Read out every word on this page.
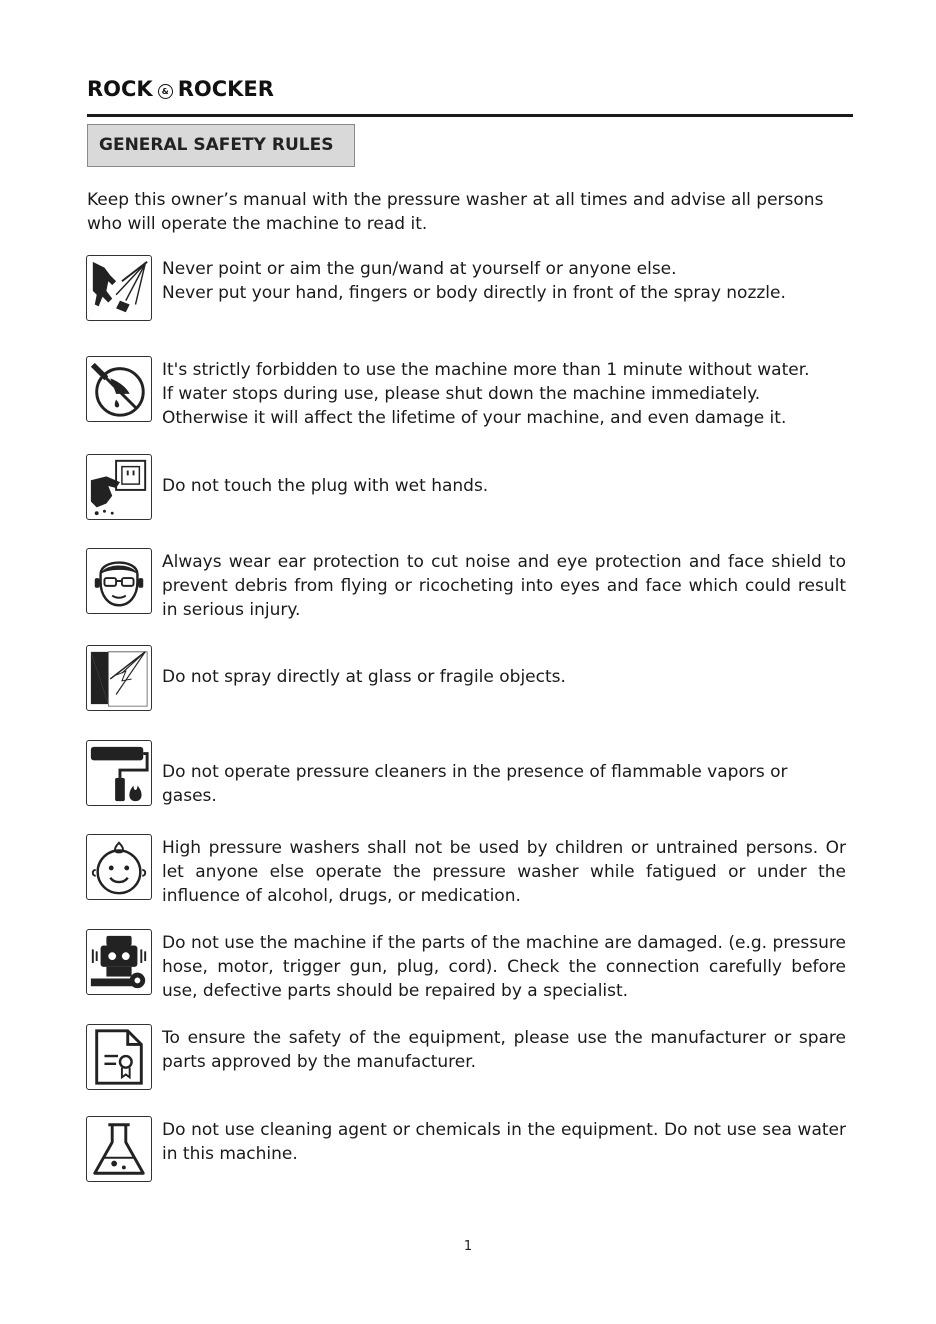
ROCK	& ROCKER
GENERAL SAFETY RULES
Keep this owner’s manual with the pressure washer at all times and advise all persons who will operate the machine to read it.

Never point or aim the gun/wand at yourself or anyone else.

Never put your hand, fingers or body directly in front of the spray nozzle.

It's strictly forbidden to use the machine more than 1 minute without water.

If water stops during use, please shut down the machine immediately.

Otherwise it will affect the lifetime of your machine, and even damage it.

Do not touch the plug with wet hands.

Always wear ear protection to cut noise and eye protection and face shield to prevent debris from flying or ricocheting into eyes and face which could result in serious injury.

Do not spray directly at glass or fragile objects.

Do not operate pressure cleaners in the presence of flammable vapors or gases.

High pressure washers shall not be used by children or untrained persons. Or let anyone else operate the pressure washer while fatigued or under the influence of alcohol, drugs, or medication.
Do not use the machine if the parts of the machine are damaged. (e.g. pressure hose, motor, trigger gun, plug, cord). Check the connection carefully before use, defective parts should be repaired by a specialist.
To ensure the safety of the equipment, please use the manufacturer or spare parts approved by the manufacturer.
Do not use cleaning agent or chemicals in the equipment. Do not use sea water in this machine.
1
